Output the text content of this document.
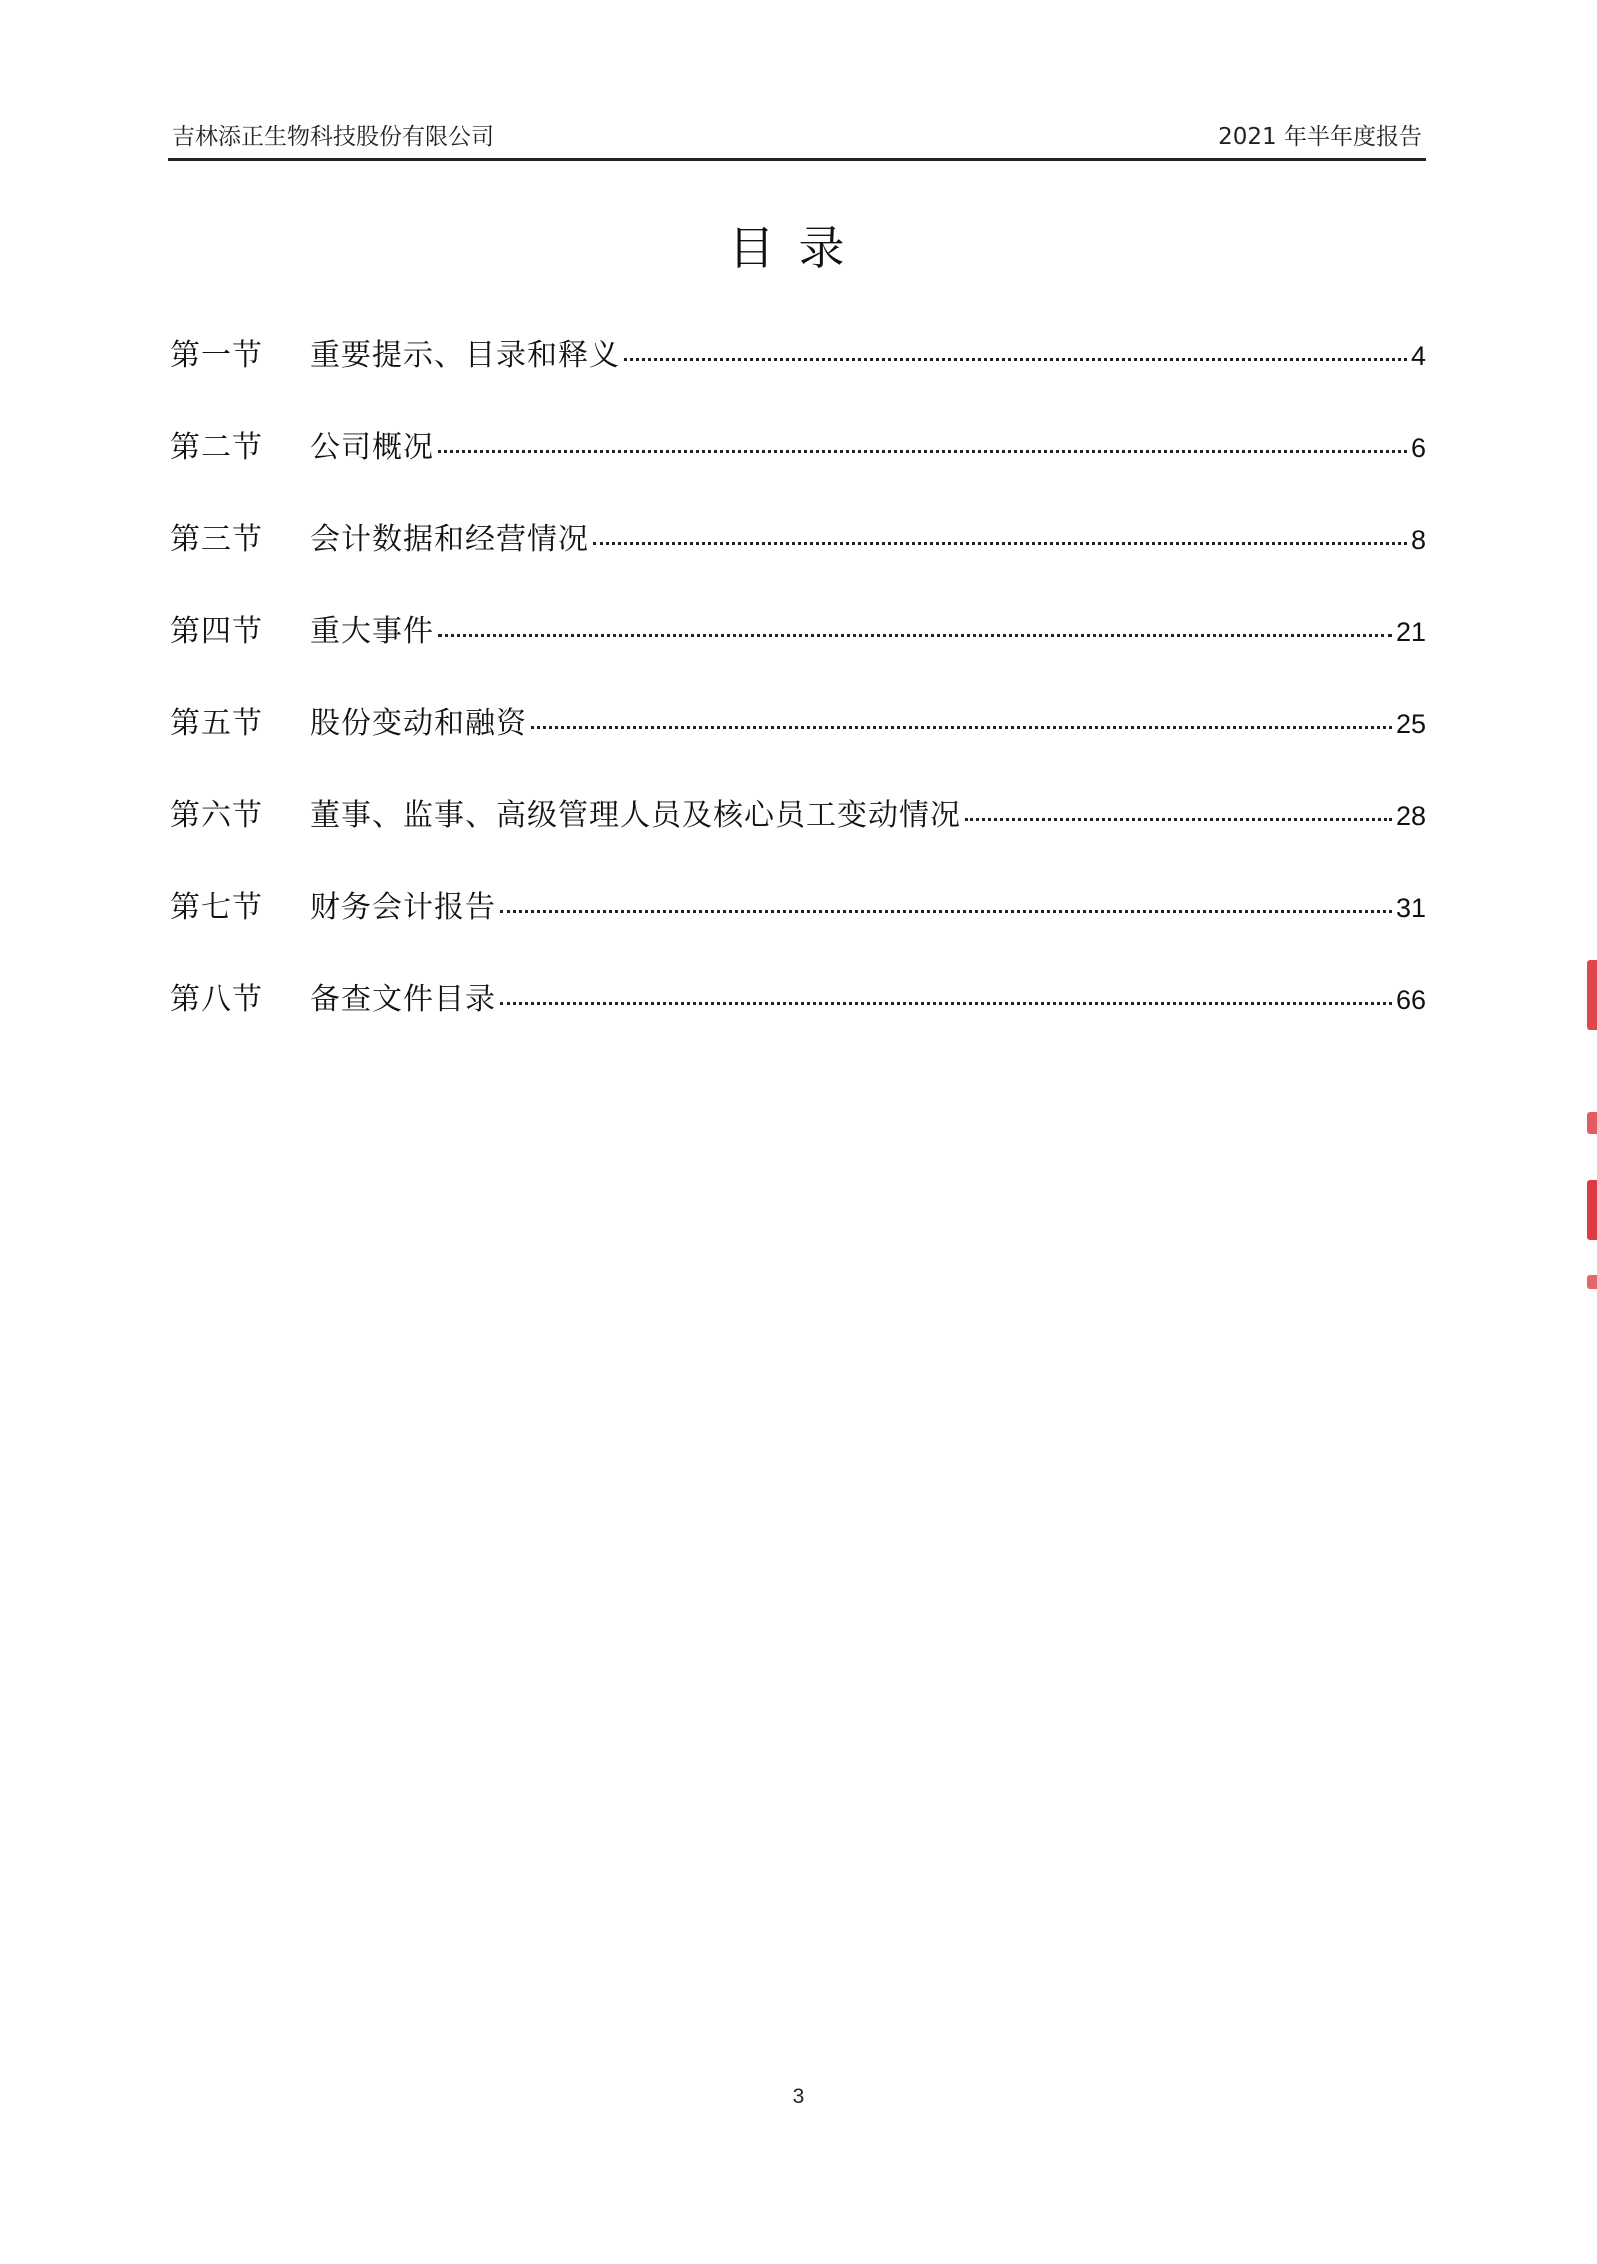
吉林添正生物科技股份有限公司	2021 年半年度报告
目录
第一节	重要提示、目录和释义	4
第二节	公司概况	6
第三节	会计数据和经营情况	8
第四节	重大事件	21
第五节	股份变动和融资	25
第六节	董事、监事、高级管理人员及核心员工变动情况	28
第七节	财务会计报告	31
第八节	备查文件目录	66
3
